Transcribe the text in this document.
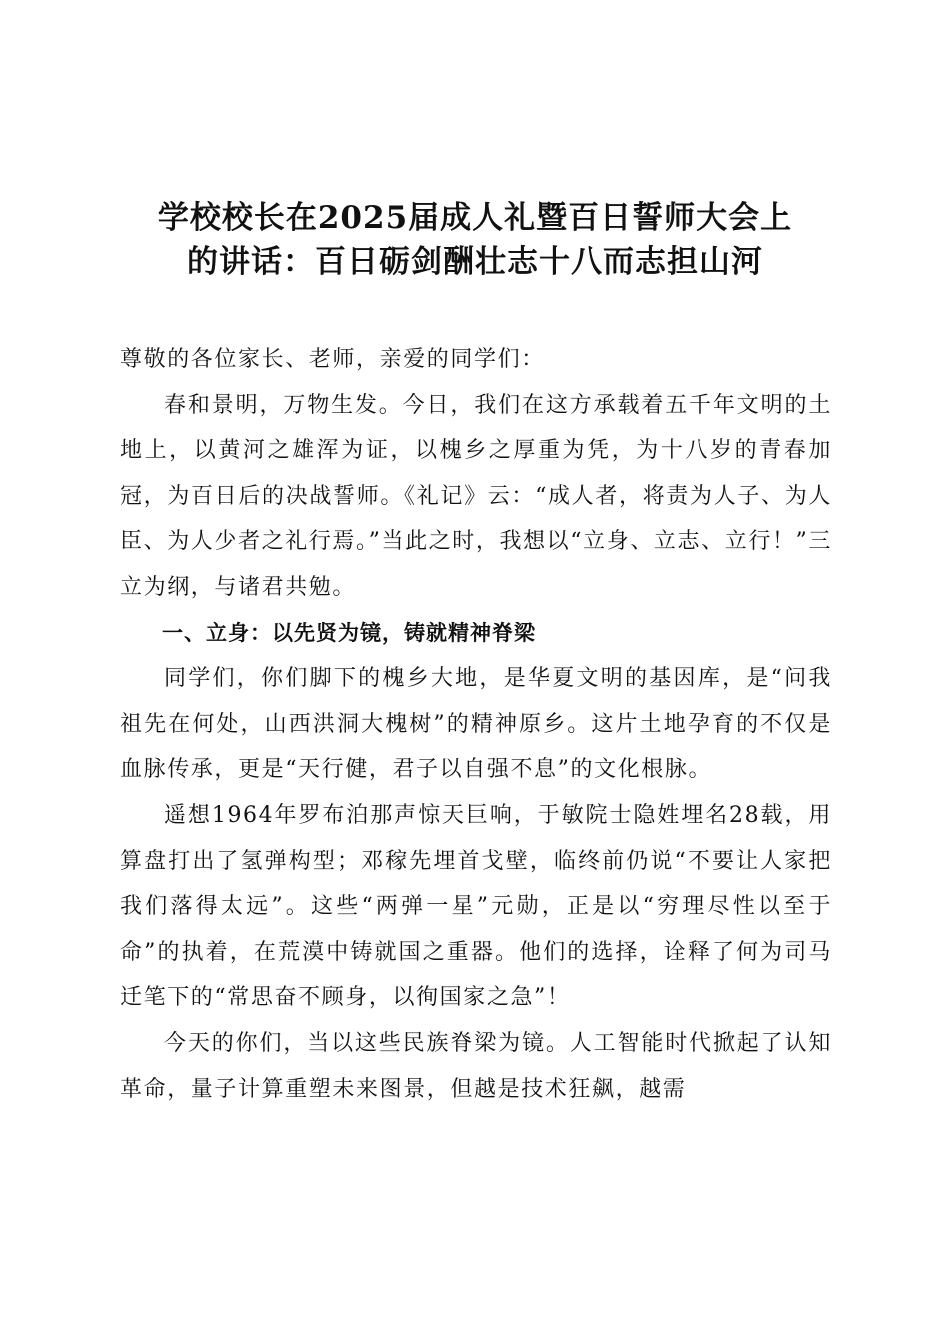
学校校长在2025届成人礼暨百日誓师大会上
的讲话：百日砺剑酬壮志十八而志担山河

尊敬的各位家长、老师，亲爱的同学们：

春和景明，万物生发。今日，我们在这方承载着五千年文明的土地上，以黄河之雄浑为证，以槐乡之厚重为凭，为十八岁的青春加冠，为百日后的决战誓师。《礼记》云：“成人者，将责为人子、为人臣、为人少者之礼行焉。”当此之时，我想以“立身、立志、立行！”三立为纲，与诸君共勉。

一、立身：以先贤为镜，铸就精神脊梁

同学们，你们脚下的槐乡大地，是华夏文明的基因库，是“问我祖先在何处，山西洪洞大槐树”的精神原乡。这片土地孕育的不仅是血脉传承，更是“天行健，君子以自强不息”的文化根脉。

遥想1964年罗布泊那声惊天巨响，于敏院士隐姓埋名28载，用算盘打出了氢弹构型；邓稼先埋首戈壁，临终前仍说“不要让人家把我们落得太远”。这些“两弹一星”元勋，正是以“穷理尽性以至于命”的执着，在荒漠中铸就国之重器。他们的选择，诠释了何为司马迁笔下的“常思奋不顾身，以徇国家之急”！

今天的你们，当以这些民族脊梁为镜。人工智能时代掀起了认知革命，量子计算重塑未来图景，但越是技术狂飙，越需
